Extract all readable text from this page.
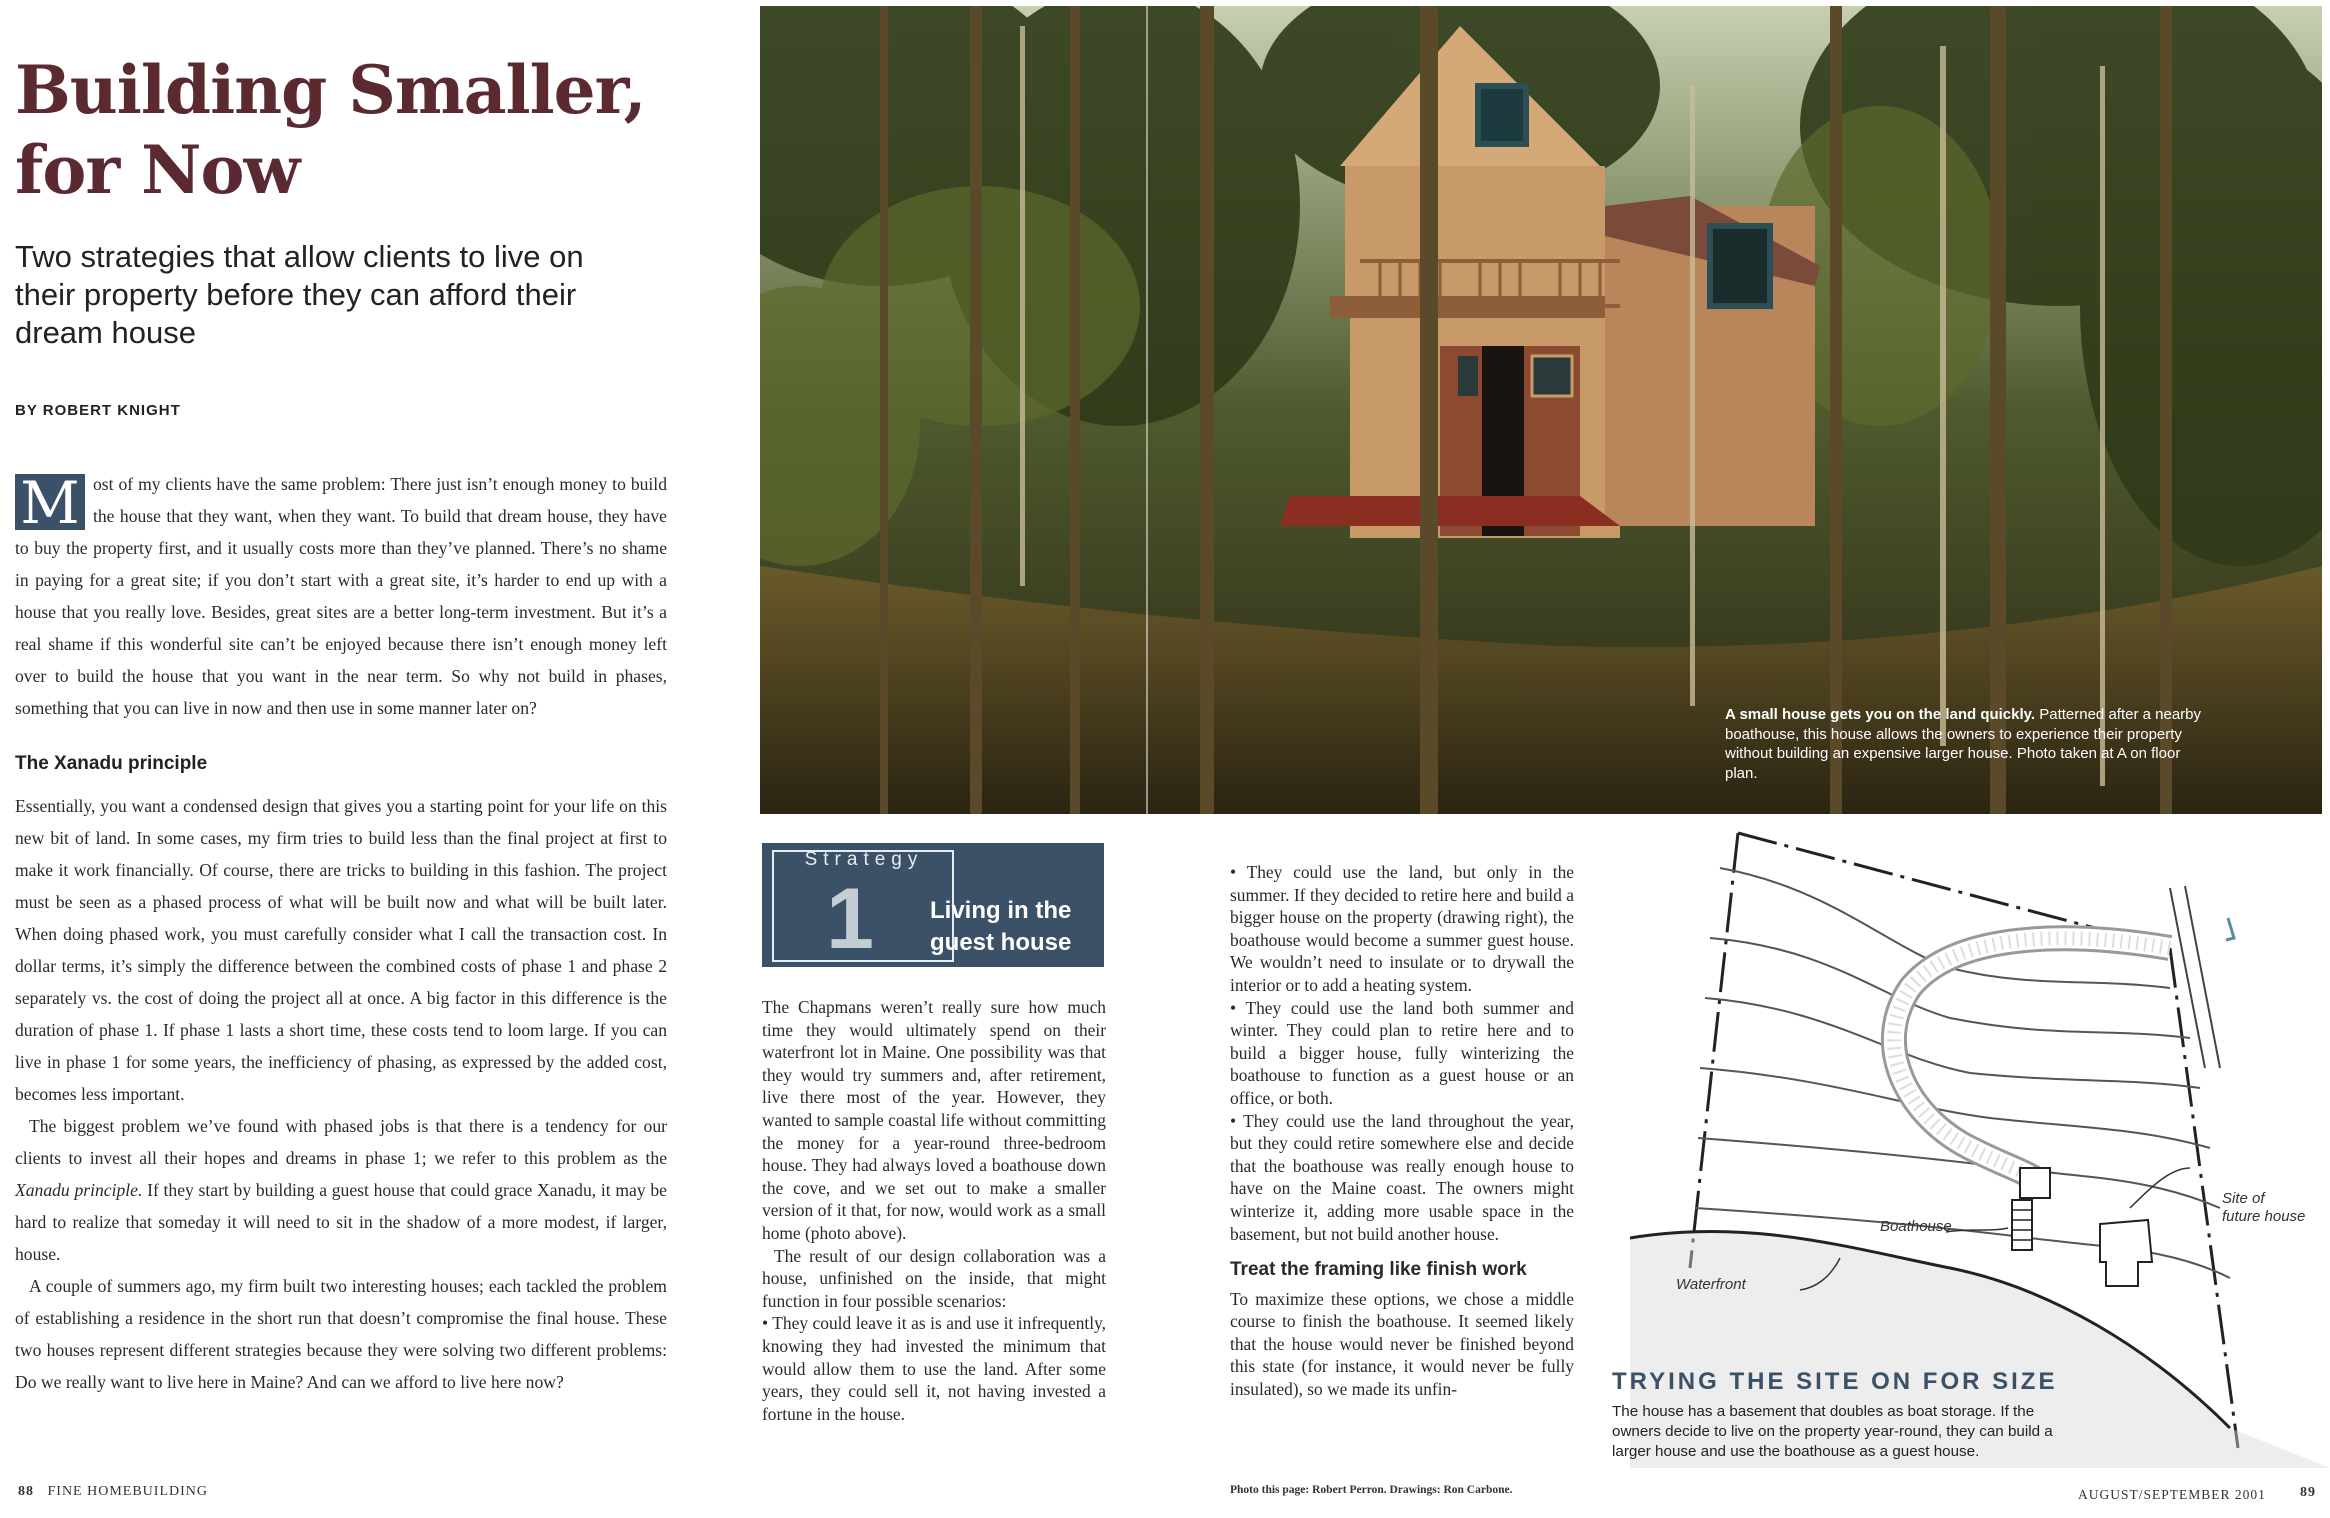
Building Smaller,
for Now
Two strategies that allow clients to live on their property before they can afford their dream house
BY ROBERT KNIGHT

M ost of my clients have the same problem: There just isn’t enough money to build the house that they want, when they want. To build that dream house, they have to buy the property first, and it usually costs more than they’ve planned. There’s no shame in paying for a great site; if you don’t start with a great site, it’s harder to end up with a house that you really love. Besides, great sites are a better long-term investment. But it’s a real shame if this wonderful site can’t be enjoyed because there isn’t enough money left over to build the house that you want in the near term. So why not build in phases, something that you can live in now and then use in some manner later on?

The Xanadu principle

Essentially, you want a condensed design that gives you a starting point for your life on this new bit of land. In some cases, my firm tries to build less than the final project at first to make it work financially. Of course, there are tricks to building in this fashion. The project must be seen as a phased process of what will be built now and what will be built later. When doing phased work, you must carefully consider what I call the transaction cost. In dollar terms, it’s simply the difference between the combined costs of phase 1 and phase 2 separately vs. the cost of doing the project all at once. A big factor in this difference is the duration of phase 1. If phase 1 lasts a short time, these costs tend to loom large. If you can live in phase 1 for some years, the inefficiency of phasing, as expressed by the added cost, becomes less important.

The biggest problem we’ve found with phased jobs is that there is a tendency for our clients to invest all their hopes and dreams in phase 1; we refer to this problem as the Xanadu principle. If they start by building a guest house that could grace Xanadu, it may be hard to realize that someday it will need to sit in the shadow of a more modest, if larger, house.

A couple of summers ago, my firm built two interesting houses; each tackled the problem of establishing a residence in the short run that doesn’t compromise the final house. These two houses represent different strategies because they were solving two different problems: Do we really want to live here in Maine? And can we afford to live here now?

88 FINE HOMEBUILDING
A small house gets you on the land quickly. Patterned after a nearby boathouse, this house allows the owners to experience their property without building an expensive larger house. Photo taken at A on floor plan.
Strategy
1	Living in the guest house

The Chapmans weren’t really sure how much time they would ultimately spend on their waterfront lot in Maine. One possibility was that they would try summers and, after retirement, live there most of the year. However, they wanted to sample coastal life without committing the money for a year-round three-bedroom house. They had always loved a boathouse down the cove, and we set out to make a smaller version of it that, for now, would work as a small home (photo above).

The result of our design collaboration was a house, unfinished on the inside, that might function in four possible scenarios:

• They could leave it as is and use it infrequently, knowing they had invested the minimum that would allow them to use the land. After some years, they could sell it, not having invested a fortune in the house.

• They could use the land, but only in the summer. If they decided to retire here and build a bigger house on the property (drawing right), the boathouse would become a summer guest house. We wouldn’t need to insulate or to drywall the interior or to add a heating system.

• They could use the land both summer and winter. They could plan to retire here and to build a bigger house, fully winterizing the boathouse to function as a guest house or an office, or both.

• They could use the land throughout the year, but they could retire somewhere else and decide that the boathouse was really enough house to have on the Maine coast. The owners might winterize it, adding more usable space in the basement, but not build another house.

Treat the framing like finish work

To maximize these options, we chose a middle course to finish the boathouse. It seemed likely that the house would never be finished beyond this state (for instance, it would never be fully insulated), so we made its unfin-

Boathouse
Site of
future house
Waterfront
TRYING THE SITE ON FOR SIZE
The house has a basement that doubles as boat storage. If the owners decide to live on the property year-round, they can build a larger house and use the boathouse as a guest house.
Photo this page: Robert Perron. Drawings: Ron Carbone.	AUGUST/SEPTEMBER 2001 89
